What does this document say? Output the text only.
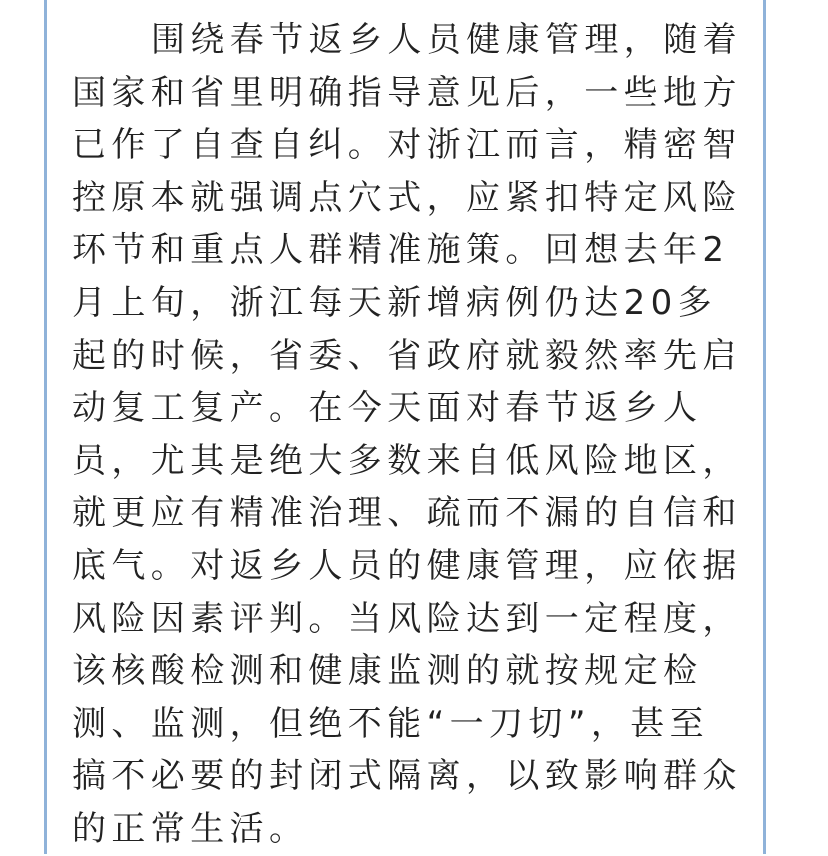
围绕春节返乡人员健康管理，随着国家和省里明确指导意见后，一些地方已作了自查自纠。对浙江而言，精密智控原本就强调点穴式，应紧扣特定风险环节和重点人群精准施策。回想去年2月上旬，浙江每天新增病例仍达20多起的时候，省委、省政府就毅然率先启动复工复产。在今天面对春节返乡人员，尤其是绝大多数来自低风险地区，就更应有精准治理、疏而不漏的自信和底气。对返乡人员的健康管理，应依据风险因素评判。当风险达到一定程度，该核酸检测和健康监测的就按规定检测、监测，但绝不能“一刀切”，甚至搞不必要的封闭式隔离，以致影响群众的正常生活。
